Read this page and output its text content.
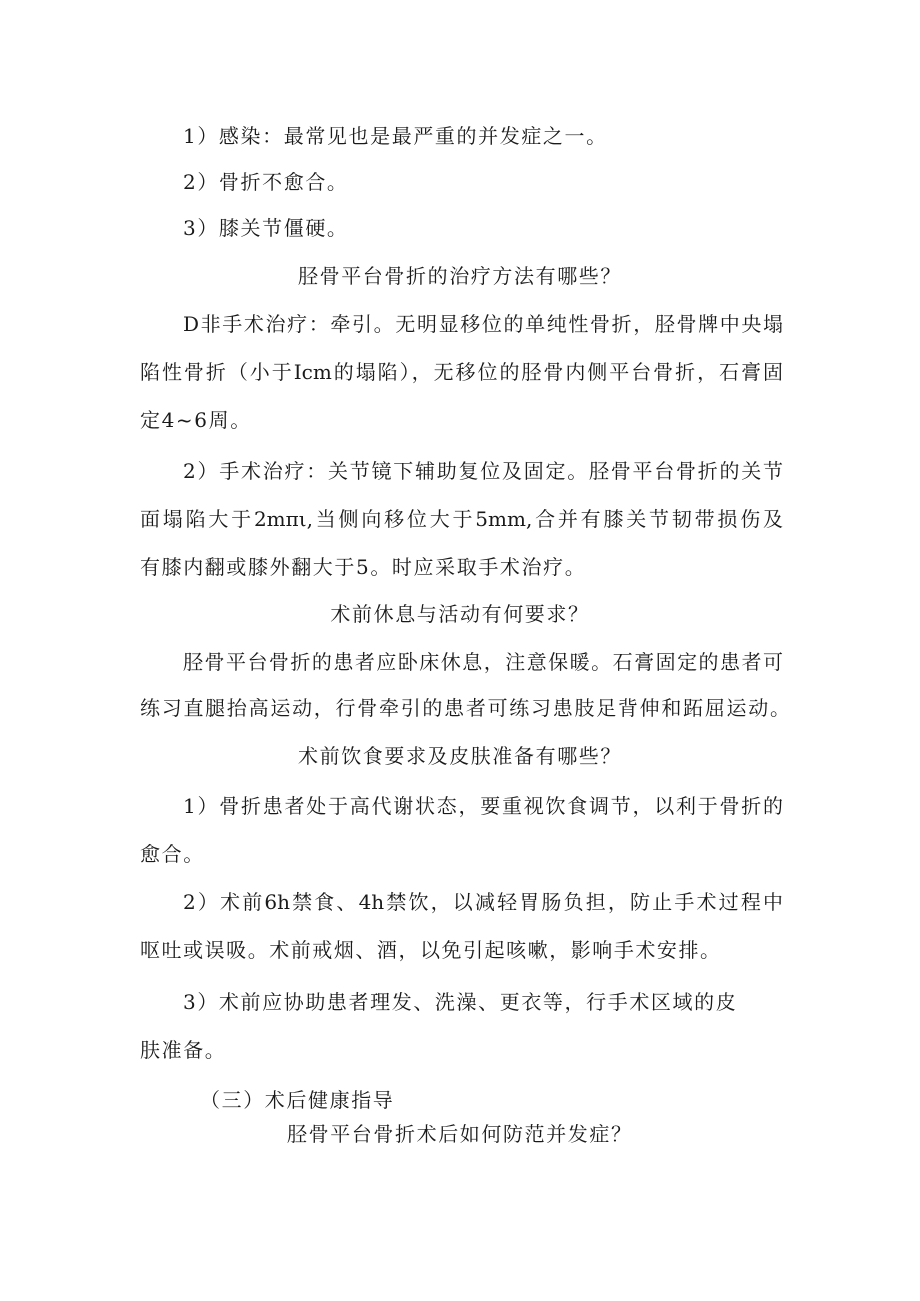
1）感染：最常见也是最严重的并发症之一。
2）骨折不愈合。
3）膝关节僵硬。
胫骨平台骨折的治疗方法有哪些？
D非手术治疗：牵引。无明显移位的单纯性骨折，胫骨牌中央塌
陷性骨折（小于Icm的塌陷），无移位的胫骨内侧平台骨折，石膏固
定4~6周。
2）手术治疗：关节镜下辅助复位及固定。胫骨平台骨折的关节
面塌陷大于2mπι,当侧向移位大于5mm,合并有膝关节韧带损伤及
有膝内翻或膝外翻大于5。时应采取手术治疗。
术前休息与活动有何要求？
胫骨平台骨折的患者应卧床休息，注意保暖。石膏固定的患者可
练习直腿抬高运动，行骨牵引的患者可练习患肢足背伸和跖屈运动。
术前饮食要求及皮肤准备有哪些？
1）骨折患者处于高代谢状态，要重视饮食调节，以利于骨折的
愈合。
2）术前6h禁食、4h禁饮，以减轻胃肠负担，防止手术过程中
呕吐或误吸。术前戒烟、酒，以免引起咳嗽，影响手术安排。
3）术前应协助患者理发、洗澡、更衣等，行手术区域的皮
肤准备。
（三）术后健康指导
胫骨平台骨折术后如何防范并发症？
